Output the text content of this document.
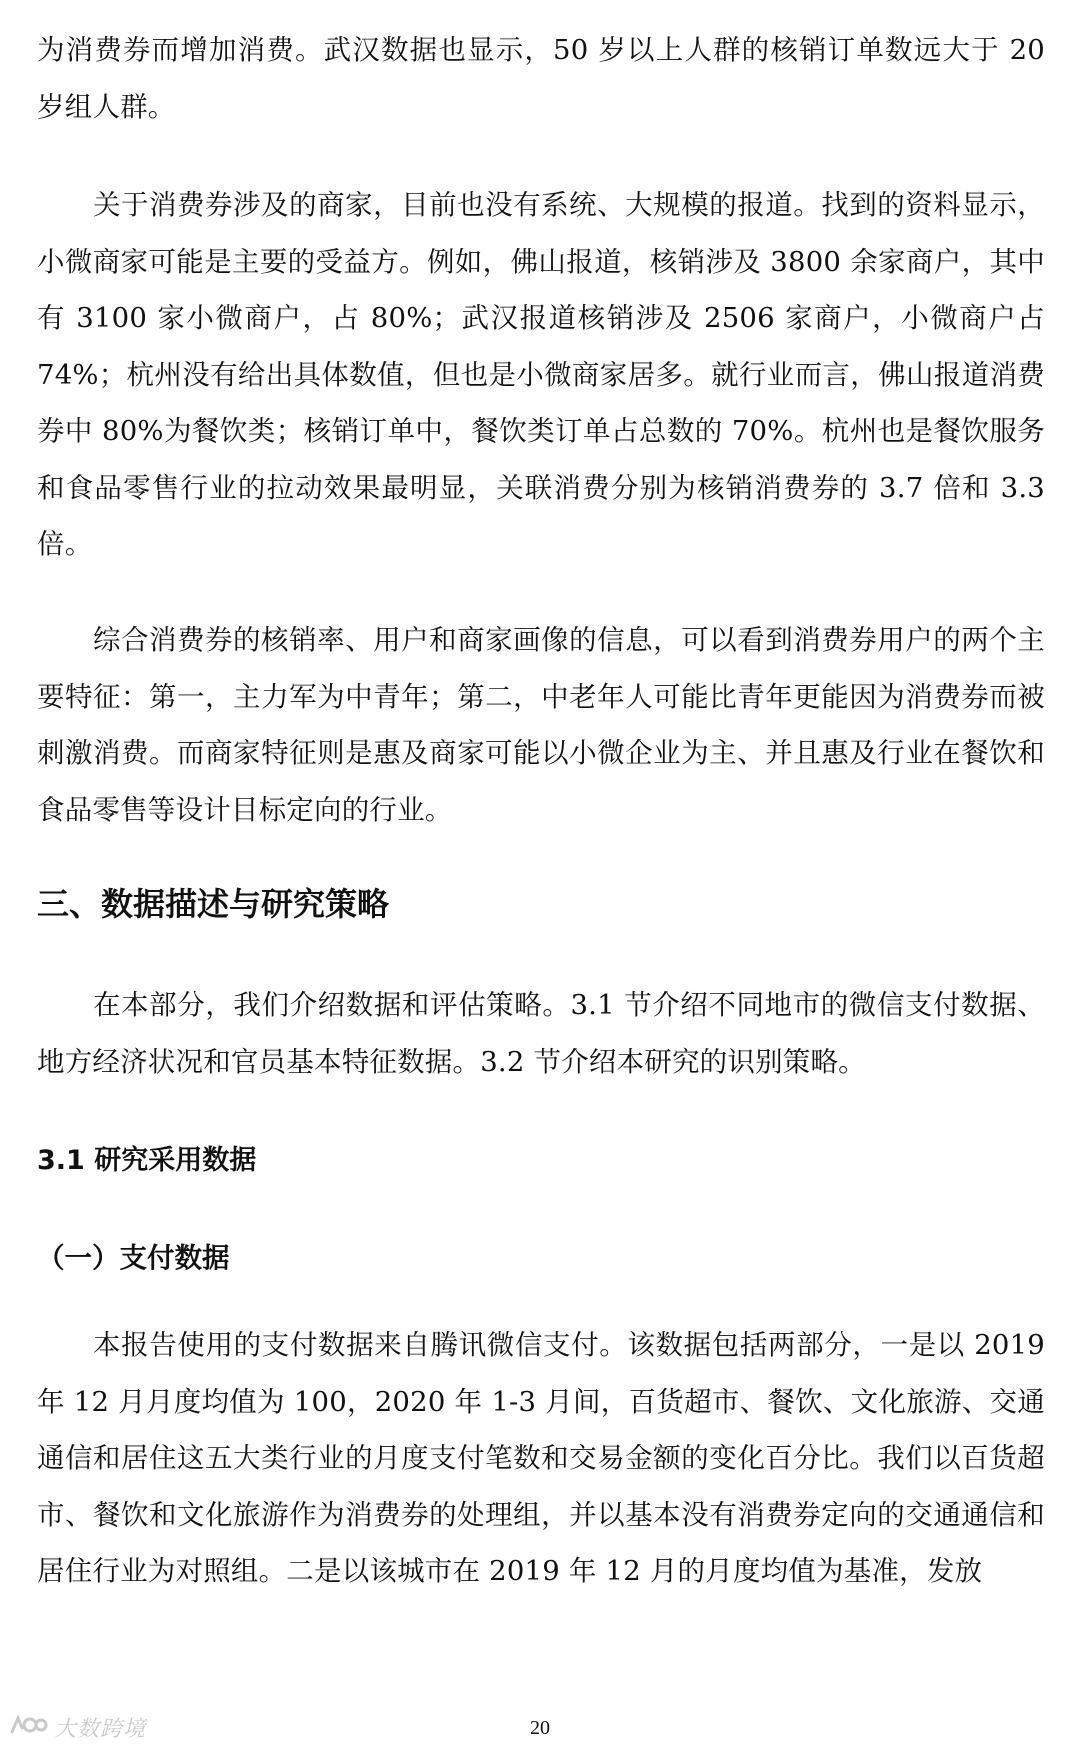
为消费券而增加消费。武汉数据也显示，50 岁以上人群的核销订单数远大于 20 岁组人群。

关于消费券涉及的商家，目前也没有系统、大规模的报道。找到的资料显示，小微商家可能是主要的受益方。例如，佛山报道，核销涉及 3800 余家商户，其中有 3100 家小微商户，占 80%；武汉报道核销涉及 2506 家商户，小微商户占 74%；杭州没有给出具体数值，但也是小微商家居多。就行业而言，佛山报道消费券中 80%为餐饮类；核销订单中，餐饮类订单占总数的 70%。杭州也是餐饮服务和食品零售行业的拉动效果最明显，关联消费分别为核销消费券的 3.7 倍和 3.3 倍。

综合消费券的核销率、用户和商家画像的信息，可以看到消费券用户的两个主要特征：第一，主力军为中青年；第二，中老年人可能比青年更能因为消费券而被刺激消费。而商家特征则是惠及商家可能以小微企业为主、并且惠及行业在餐饮和食品零售等设计目标定向的行业。

三、数据描述与研究策略

在本部分，我们介绍数据和评估策略。3.1 节介绍不同地市的微信支付数据、地方经济状况和官员基本特征数据。3.2 节介绍本研究的识别策略。

3.1 研究采用数据
（一）支付数据

本报告使用的支付数据来自腾讯微信支付。该数据包括两部分，一是以 2019 年 12 月月度均值为 100，2020 年 1-3 月间，百货超市、餐饮、文化旅游、交通通信和居住这五大类行业的月度支付笔数和交易金额的变化百分比。我们以百货超市、餐饮和文化旅游作为消费券的处理组，并以基本没有消费券定向的交通通信和居住行业为对照组。二是以该城市在 2019 年 12 月的月度均值为基准，发放

20
大数跨境
